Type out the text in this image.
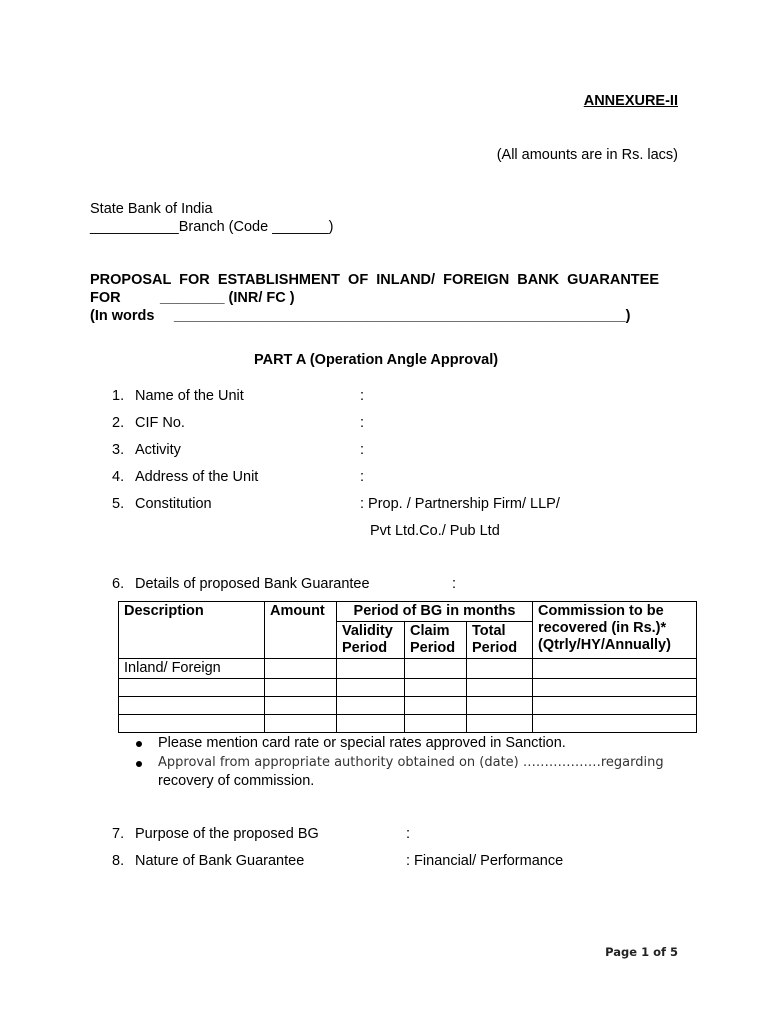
ANNEXURE-II
(All amounts are in Rs. lacs)
State Bank of India
___________Branch (Code _______)
PROPOSAL  FOR  ESTABLISHMENT  OF  INLAND/  FOREIGN  BANK  GUARANTEE
FOR	________ (INR/ FC )
(In words ________________________________________________________)
PART A (Operation Angle Approval)
1. Name of the Unit	:
2. CIF No.	:
3. Activity	:
4. Address of the Unit	:
5. Constitution	: Prop. / Partnership Firm/ LLP/
Pvt Ltd.Co./ Pub Ltd
6. Details of proposed Bank Guarantee	:
Description	Amount	Period of BG in months			Commission to be recovered (in Rs.)* (Qtrly/HY/Annually)
		Validity Period	Claim Period	Total Period	
Inland/ Foreign					

Please mention card rate or special rates approved in Sanction.
Approval from appropriate authority obtained on (date) ………………regarding
recovery of commission.
7. Purpose of the proposed BG	:
8. Nature of Bank Guarantee	: Financial/ Performance
Page 1 of 5
